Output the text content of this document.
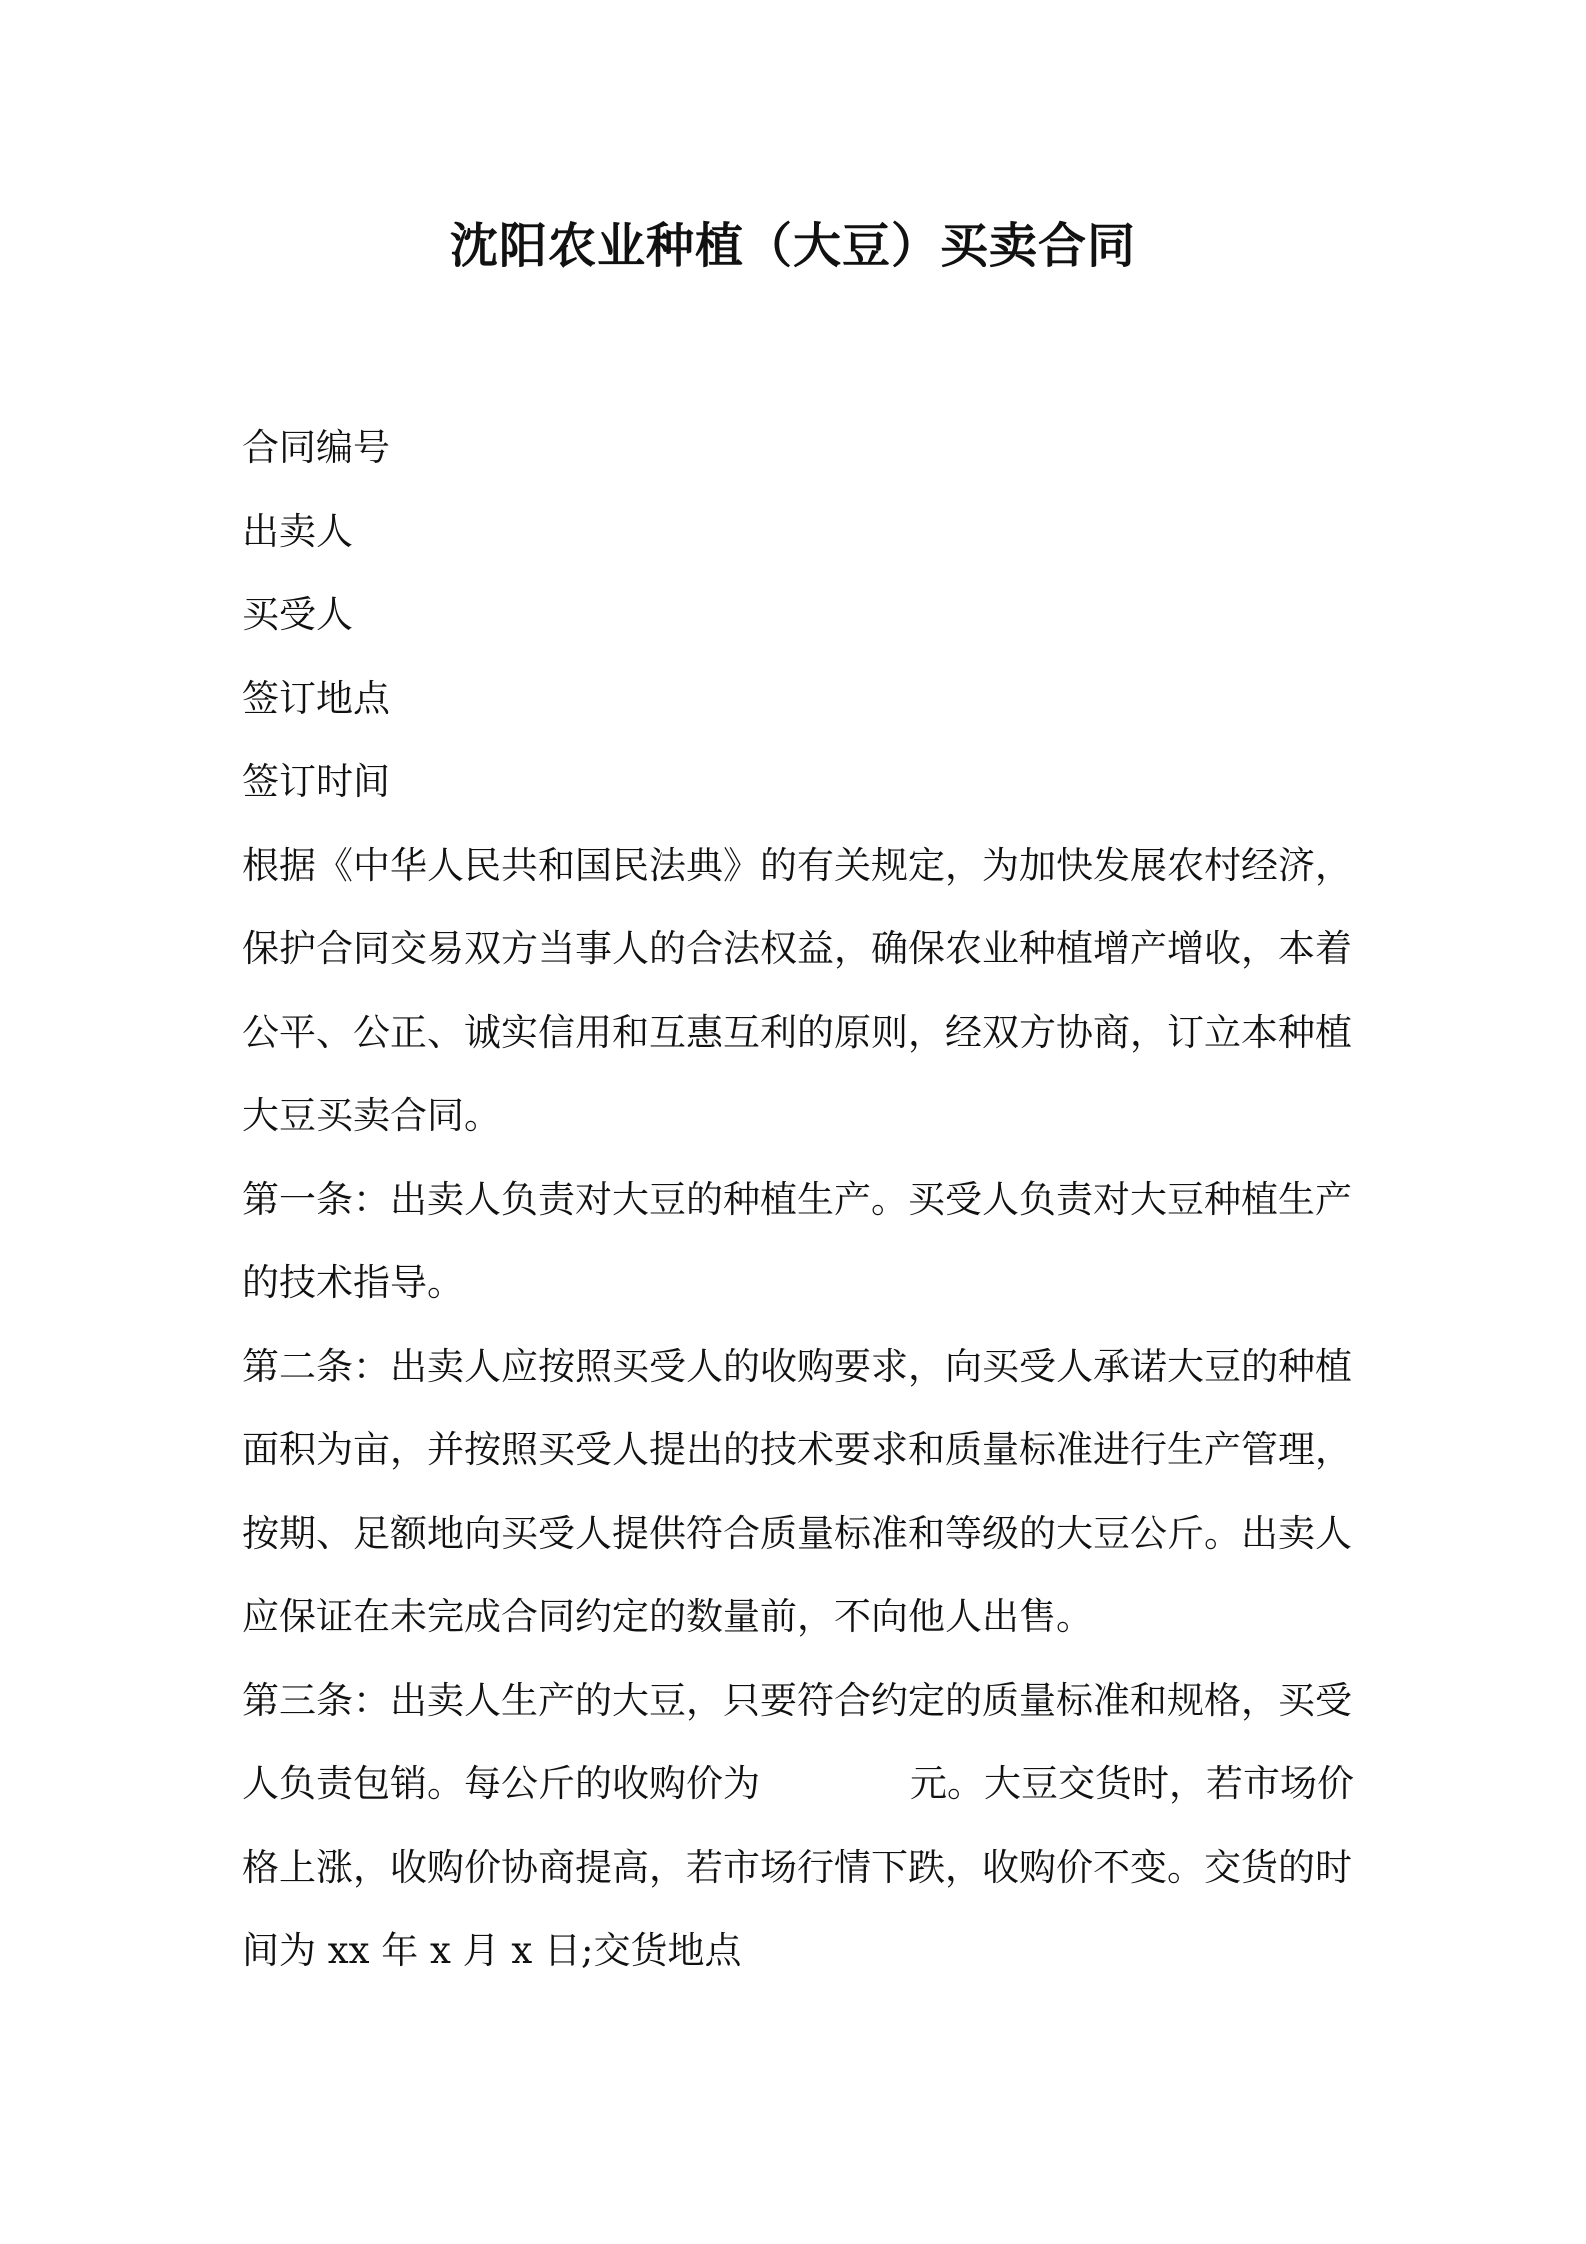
沈阳农业种植（大豆）买卖合同
合同编号
出卖人
买受人
签订地点
签订时间
根据《中华人民共和国民法典》的有关规定，为加快发展农村经济，
保护合同交易双方当事人的合法权益，确保农业种植增产增收，本着
公平、公正、诚实信用和互惠互利的原则，经双方协商，订立本种植
大豆买卖合同。
第一条：出卖人负责对大豆的种植生产。买受人负责对大豆种植生产
的技术指导。
第二条：出卖人应按照买受人的收购要求，向买受人承诺大豆的种植
面积为亩，并按照买受人提出的技术要求和质量标准进行生产管理，
按期、足额地向买受人提供符合质量标准和等级的大豆公斤。出卖人
应保证在未完成合同约定的数量前，不向他人出售。
第三条：出卖人生产的大豆，只要符合约定的质量标准和规格，买受
人负责包销。每公斤的收购价为	元。大豆交货时，若市场价
格上涨，收购价协商提高，若市场行情下跌，收购价不变。交货的时
间为 xx 年 x 月 x 日;交货地点
